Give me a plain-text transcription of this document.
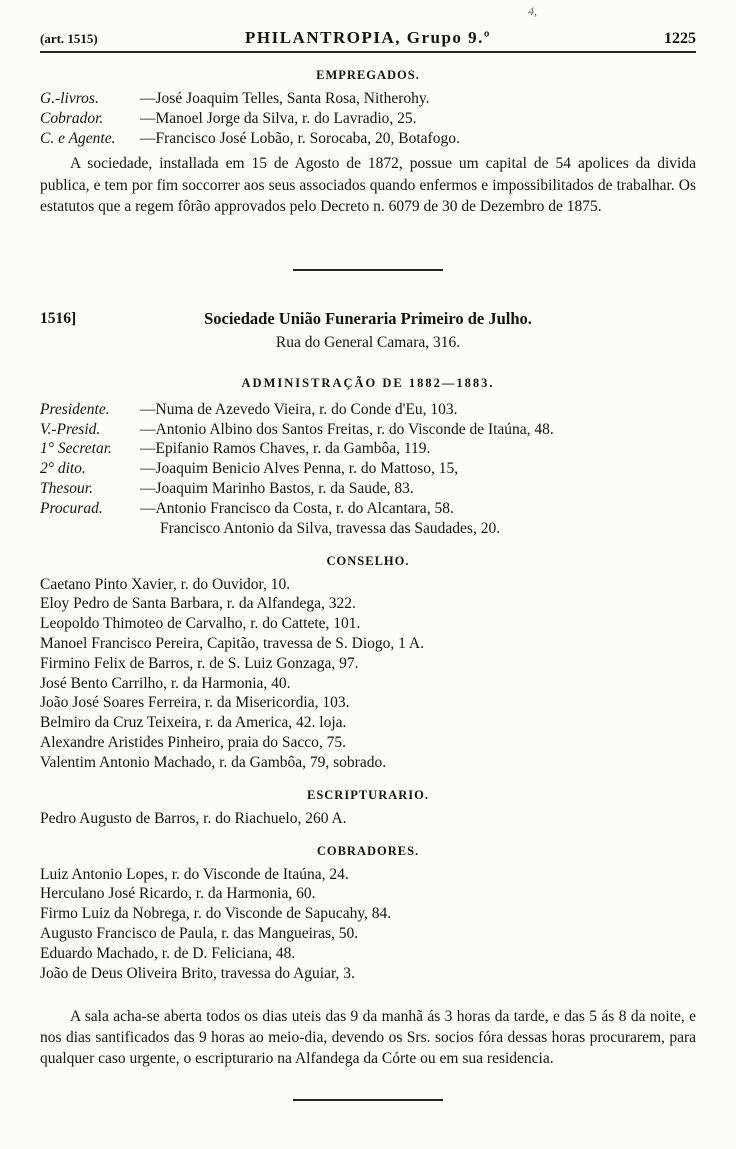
4,
(art. 1515)	PHILANTROPIA, Grupo 9.º	1225
EMPREGADOS.
G.-livros.	—José Joaquim Telles, Santa Rosa, Nitherohy.
Cobrador.	—Manoel Jorge da Silva, r. do Lavradio, 25.
C. e Agente.	—Francisco José Lobão, r. Sorocaba, 20, Botafogo.

A sociedade, installada em 15 de Agosto de 1872, possue um capital de 54 apolices da divida publica, e tem por fim soccorrer aos seus associados quando enfermos e impossibilitados de trabalhar. Os estatutos que a regem fôrão approvados pelo Decreto n. 6079 de 30 de Dezembro de 1875.

1516]	Sociedade União Funeraria Primeiro de Julho.
Rua do General Camara, 316.
ADMINISTRAÇÃO DE 1882—1883.
Presidente.	—Numa de Azevedo Vieira, r. do Conde d'Eu, 103.
V.-Presid.	—Antonio Albino dos Santos Freitas, r. do Visconde de Itaúna, 48.
1° Secretar.	—Epifanio Ramos Chaves, r. da Gambôa, 119.
2° dito.	—Joaquim Benicio Alves Penna, r. do Mattoso, 15,
Thesour.	—Joaquim Marinho Bastos, r. da Saude, 83.
Procurad.	—Antonio Francisco da Costa, r. do Alcantara, 58.
Francisco Antonio da Silva, travessa das Saudades, 20.
CONSELHO.
Caetano Pinto Xavier, r. do Ouvidor, 10.
Eloy Pedro de Santa Barbara, r. da Alfandega, 322.
Leopoldo Thimoteo de Carvalho, r. do Cattete, 101.
Manoel Francisco Pereira, Capitão, travessa de S. Diogo, 1 A.
Firmino Felix de Barros, r. de S. Luiz Gonzaga, 97.
José Bento Carrilho, r. da Harmonia, 40.
João José Soares Ferreira, r. da Misericordia, 103.
Belmiro da Cruz Teixeira, r. da America, 42. loja.
Alexandre Aristides Pinheiro, praia do Sacco, 75.
Valentim Antonio Machado, r. da Gambôa, 79, sobrado.
ESCRIPTURARIO.
Pedro Augusto de Barros, r. do Riachuelo, 260 A.
COBRADORES.
Luiz Antonio Lopes, r. do Visconde de Itaúna, 24.
Herculano José Ricardo, r. da Harmonia, 60.
Firmo Luiz da Nobrega, r. do Visconde de Sapucahy, 84.
Augusto Francisco de Paula, r. das Mangueiras, 50.
Eduardo Machado, r. de D. Feliciana, 48.
João de Deus Oliveira Brito, travessa do Aguiar, 3.

A sala acha-se aberta todos os dias uteis das 9 da manhã ás 3 horas da tarde, e das 5 ás 8 da noite, e nos dias santificados das 9 horas ao meio-dia, devendo os Srs. socios fóra dessas horas procurarem, para qualquer caso urgente, o escripturario na Alfandega da Córte ou em sua residencia.
